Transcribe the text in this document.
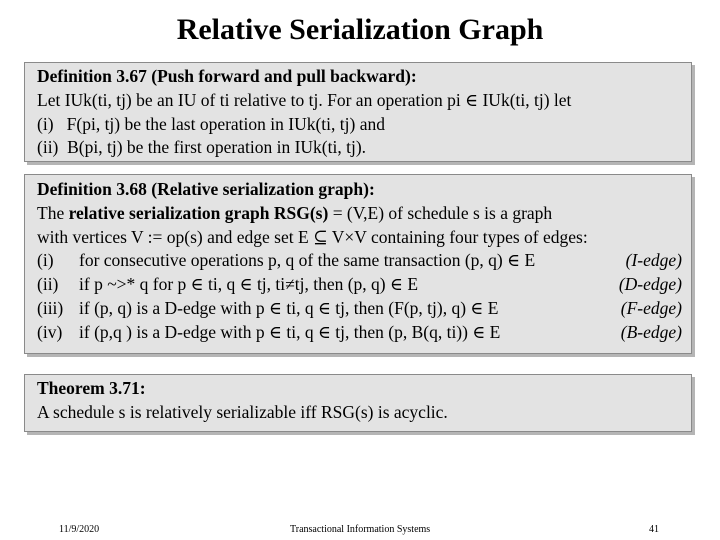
Relative Serialization Graph
Definition 3.67 (Push forward and pull backward):
Let IUk(ti, tj) be an IU of ti relative to tj. For an operation pi ∈ IUk(ti, tj) let
(i)   F(pi, tj) be the last operation in IUk(ti, tj) and
(ii)  B(pi, tj) be the first operation in IUk(ti, tj).
Definition 3.68 (Relative serialization graph):
The relative serialization graph RSG(s) = (V,E) of schedule s is a graph
with vertices V := op(s) and edge set E ⊆ V×V containing four types of edges:
(i) for consecutive operations p, q of the same transaction (p, q) ∈ E	(I-edge)
(ii) if p ~>* q for p ∈ ti, q ∈ tj, ti≠tj, then (p, q) ∈ E	(D-edge)
(iii) if (p, q) is a D-edge with p ∈ ti, q ∈ tj, then (F(p, tj), q) ∈ E	(F-edge)
(iv) if (p,q ) is a D-edge with p ∈ ti, q ∈ tj, then (p, B(q, ti)) ∈ E	(B-edge)
Theorem 3.71:
A schedule s is relatively serializable iff RSG(s) is acyclic.
11/9/2020	Transactional Information Systems	41
